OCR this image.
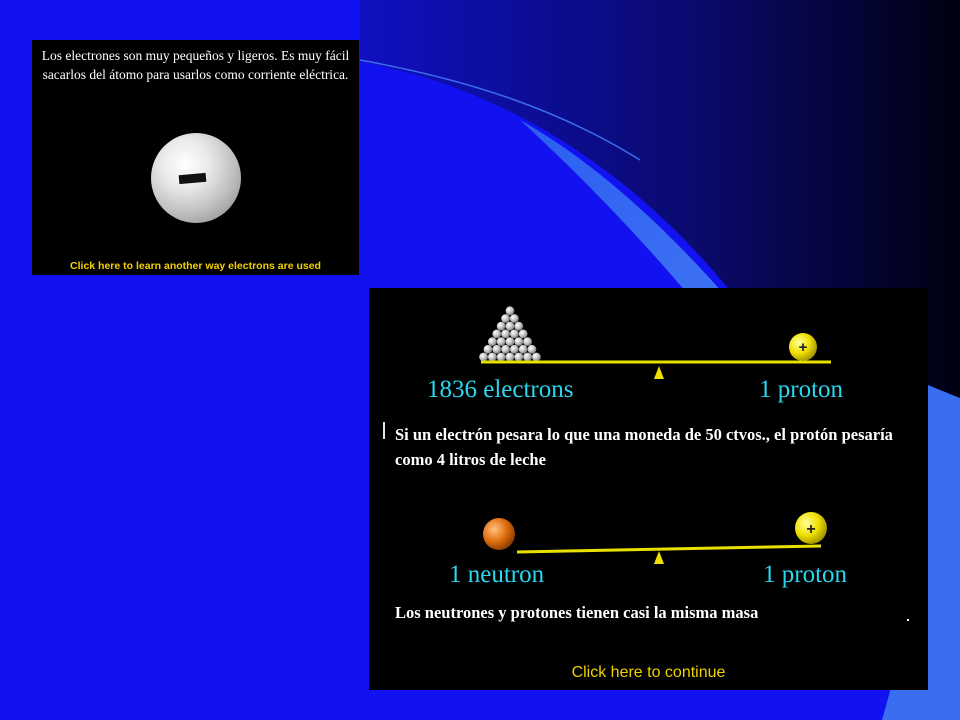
Los electrones son muy pequeños y ligeros. Es muy fácil sacarlos del átomo para usarlos como corriente eléctrica.

Click here to learn another way electrons are used
+
+

1836 electrons	1 proton

Si un electrón pesara lo que una moneda de 50 ctvos., el protón pesaría como 4 litros de leche

1 neutron	1 proton

Los neutrones y protones tienen casi la misma masa

Click here to continue
